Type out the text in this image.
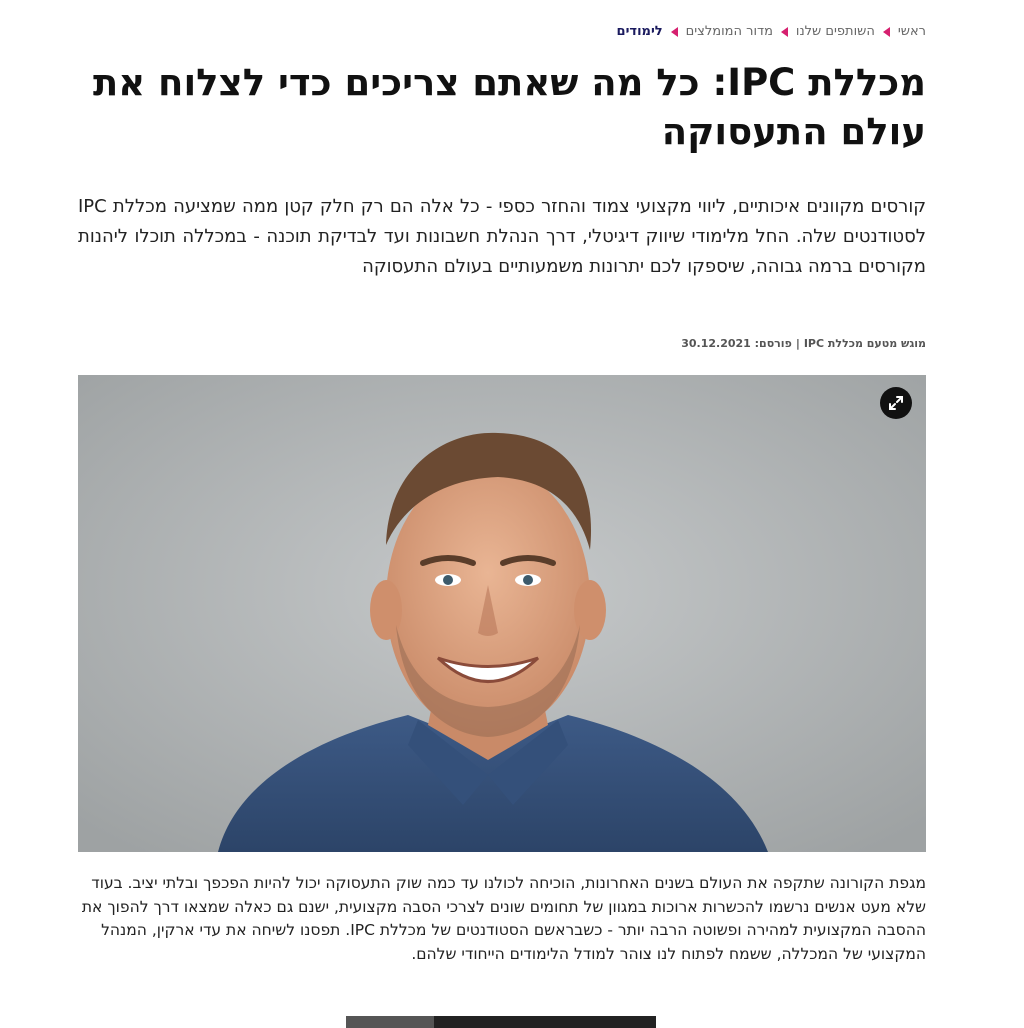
ראשי
השותפים שלנו
מדור המומלצים
לימודים
מכללת IPC: כל מה שאתם צריכים כדי לצלוח את עולם התעסוקה

קורסים מקוונים איכותיים, ליווי מקצועי צמוד והחזר כספי - כל אלה הם רק חלק קטן ממה שמציעה מכללת IPC לסטודנטים שלה. החל מלימודי שיווק דיגיטלי, דרך הנהלת חשבונות ועד לבדיקת תוכנה - במכללה תוכלו ליהנות מקורסים ברמה גבוהה, שיספקו לכם יתרונות משמעותיים בעולם התעסוקה

מוגש מטעם מכללת IPC
|
פורסם: 30.12.2021

מגפת הקורונה שתקפה את העולם בשנים האחרונות, הוכיחה לכולנו עד כמה שוק התעסוקה יכול להיות הפכפך ובלתי יציב. בעוד שלא מעט אנשים נרשמו להכשרות ארוכות במגוון של תחומים שונים לצרכי הסבה מקצועית, ישנם גם כאלה שמצאו דרך להפוך את ההסבה המקצועית למהירה ופשוטה הרבה יותר - כשבראשם הסטודנטים של מכללת IPC. תפסנו לשיחה את עדי ארקין, המנהל המקצועי של המכללה, ששמח לפתוח לנו צוהר למודל הלימודים הייחודי שלהם.
